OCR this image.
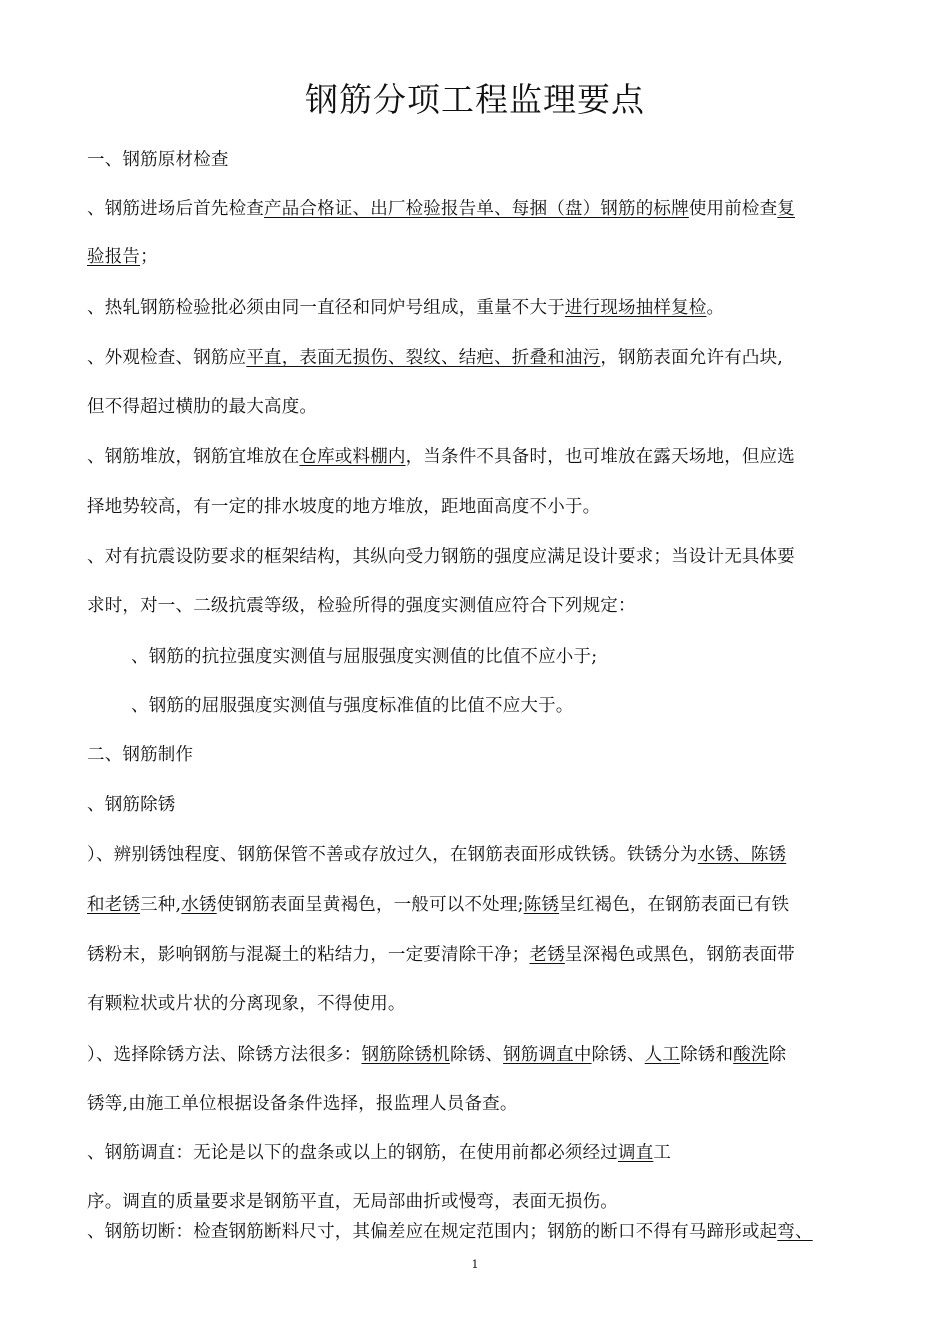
钢筋分项工程监理要点
一、钢筋原材检查
、钢筋进场后首先检查产品合格证、出厂检验报告单、每捆（盘）钢筋的标牌使用前检查复
验报告；
、热轧钢筋检验批必须由同一直径和同炉号组成，重量不大于进行现场抽样复检。
、外观检查、钢筋应平直，表面无损伤、裂纹、结疤、折叠和油污，钢筋表面允许有凸块,
但不得超过横肋的最大高度。
、钢筋堆放，钢筋宜堆放在仓库或料棚内，当条件不具备时，也可堆放在露天场地，但应选
择地势较高，有一定的排水坡度的地方堆放，距地面高度不小于。
、对有抗震设防要求的框架结构，其纵向受力钢筋的强度应满足设计要求；当设计无具体要
求时，对一、二级抗震等级，检验所得的强度实测值应符合下列规定：
、钢筋的抗拉强度实测值与屈服强度实测值的比值不应小于;
、钢筋的屈服强度实测值与强度标准值的比值不应大于。
二、钢筋制作
、钢筋除锈
）、辨别锈蚀程度、钢筋保管不善或存放过久，在钢筋表面形成铁锈。铁锈分为水锈、陈锈
和老锈三种,水锈使钢筋表面呈黄褐色，一般可以不处理;陈锈呈红褐色，在钢筋表面已有铁
锈粉末，影响钢筋与混凝土的粘结力，一定要清除干净；老锈呈深褐色或黑色，钢筋表面带
有颗粒状或片状的分离现象，不得使用。
）、选择除锈方法、除锈方法很多：钢筋除锈机除锈、钢筋调直中除锈、人工除锈和酸洗除
锈等,由施工单位根据设备条件选择，报监理人员备查。
、钢筋调直：无论是以下的盘条或以上的钢筋，在使用前都必须经过调直工
序。调直的质量要求是钢筋平直，无局部曲折或慢弯，表面无损伤。
、钢筋切断：检查钢筋断料尺寸，其偏差应在规定范围内；钢筋的断口不得有马蹄形或起弯、
1
